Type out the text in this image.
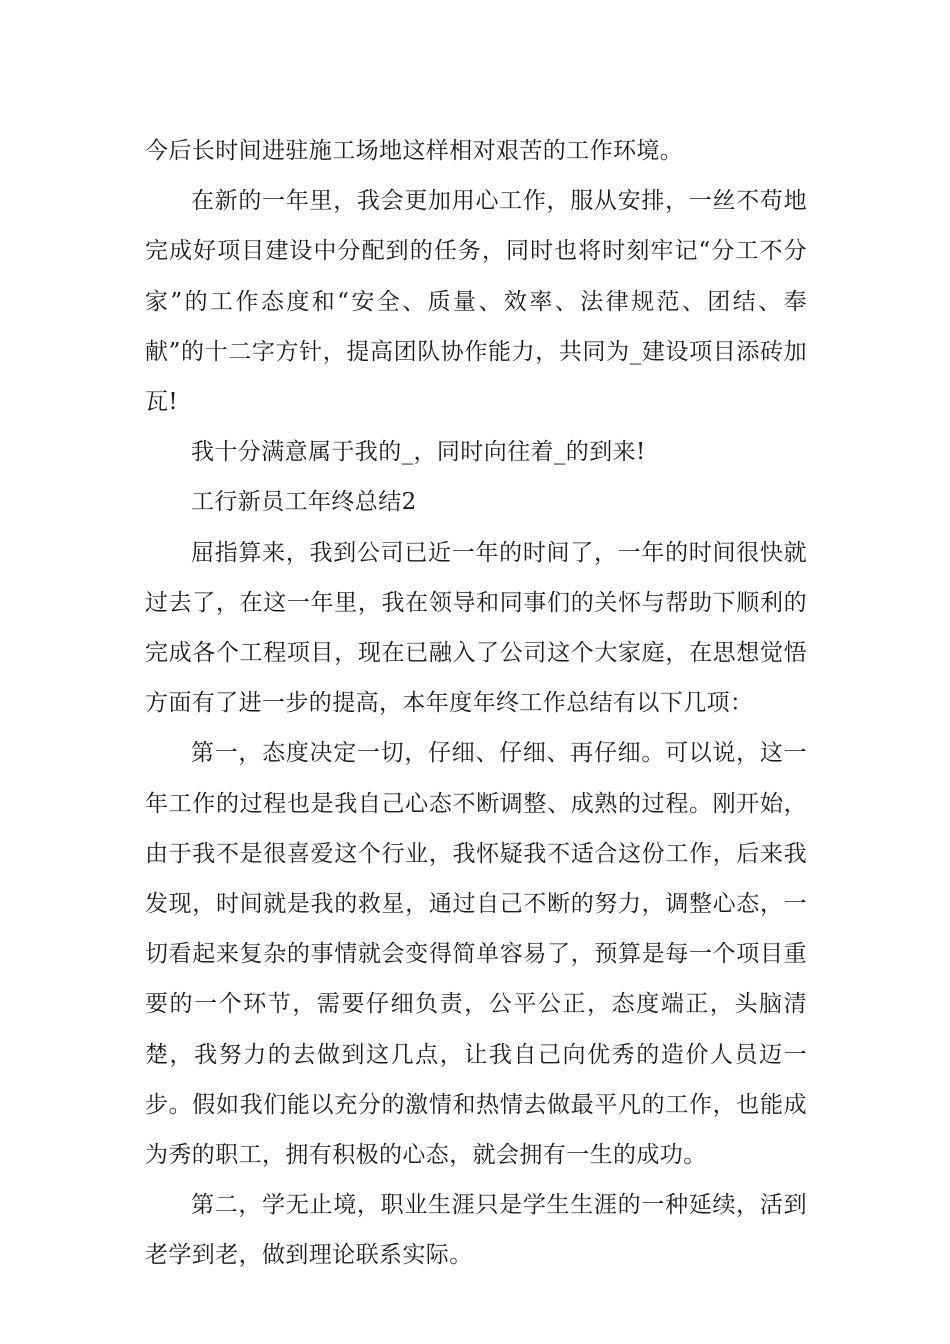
今后长时间进驻施工场地这样相对艰苦的工作环境。

在新的一年里，我会更加用心工作，服从安排，一丝不苟地完成好项目建设中分配到的任务，同时也将时刻牢记“分工不分家”的工作态度和“安全、质量、效率、法律规范、团结、奉献”的十二字方针，提高团队协作能力，共同为_建设项目添砖加瓦!

我十分满意属于我的_，同时向往着_的到来!

工行新员工年终总结2

屈指算来，我到公司已近一年的时间了，一年的时间很快就过去了，在这一年里，我在领导和同事们的关怀与帮助下顺利的完成各个工程项目，现在已融入了公司这个大家庭，在思想觉悟方面有了进一步的提高，本年度年终工作总结有以下几项：

第一，态度决定一切，仔细、仔细、再仔细。可以说，这一年工作的过程也是我自己心态不断调整、成熟的过程。刚开始，由于我不是很喜爱这个行业，我怀疑我不适合这份工作，后来我发现，时间就是我的救星，通过自己不断的努力，调整心态，一切看起来复杂的事情就会变得简单容易了，预算是每一个项目重要的一个环节，需要仔细负责，公平公正，态度端正，头脑清楚，我努力的去做到这几点，让我自己向优秀的造价人员迈一步。假如我们能以充分的激情和热情去做最平凡的工作，也能成为秀的职工，拥有积极的心态，就会拥有一生的成功。

第二，学无止境，职业生涯只是学生生涯的一种延续，活到老学到老，做到理论联系实际。
